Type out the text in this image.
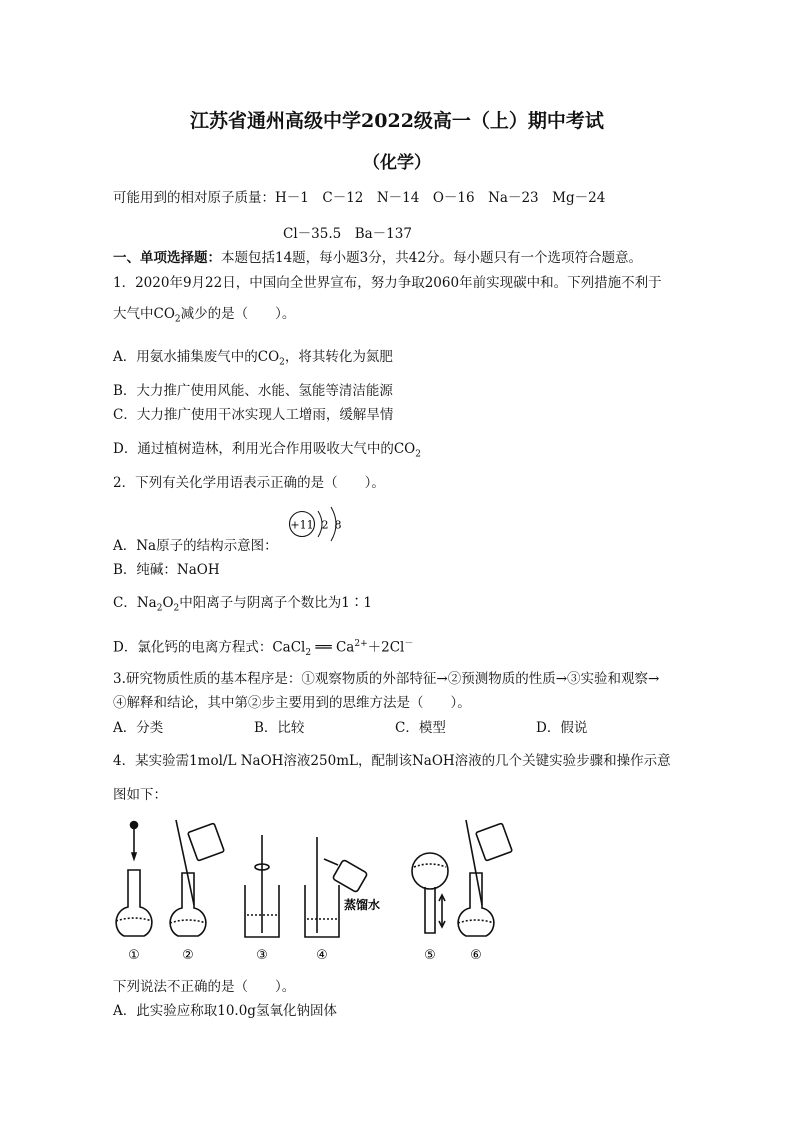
江苏省通州高级中学2022级高一（上）期中考试
（化学）
可能用到的相对原子质量：H－1　C－12　N－14　O－16　Na－23　Mg－24
Cl－35.5　Ba－137
一、单项选择题：本题包括14题，每小题3分，共42分。每小题只有一个选项符合题意。
1．2020年9月22日，中国向全世界宣布，努力争取2060年前实现碳中和。下列措施不利于
大气中$CO_2$减少的是（　　）。
A．用氨水捕集废气中的$CO_2$，将其转化为氮肥
B．大力推广使用风能、水能、氢能等清洁能源
C．大力推广使用干冰实现人工增雨，缓解旱情
D．通过植树造林，利用光合作用吸收大气中的$CO_2$
2．下列有关化学用语表示正确的是（　　）。
+11 2 8
A．Na原子的结构示意图：
B．纯碱：NaOH
C．$Na_2O_2$中阳离子与阴离子个数比为1∶1
D．氯化钙的电离方程式：CaCl$_2$ ══ $Ca^{2+}+2Cl^-$
3.研究物质性质的基本程序是：①观察物质的外部特征→②预测物质的性质→③实验和观察→
④解释和结论，其中第②步主要用到的思维方法是（　　）。
A．分类	B．比较	C．模型	D．假说
4．某实验需1mol/L NaOH溶液250mL，配制该NaOH溶液的几个关键实验步骤和操作示意
图如下：
蒸馏水
①	②	③	④	⑤	⑥
下列说法不正确的是（　　）。
A．此实验应称取10.0g氢氧化钠固体
